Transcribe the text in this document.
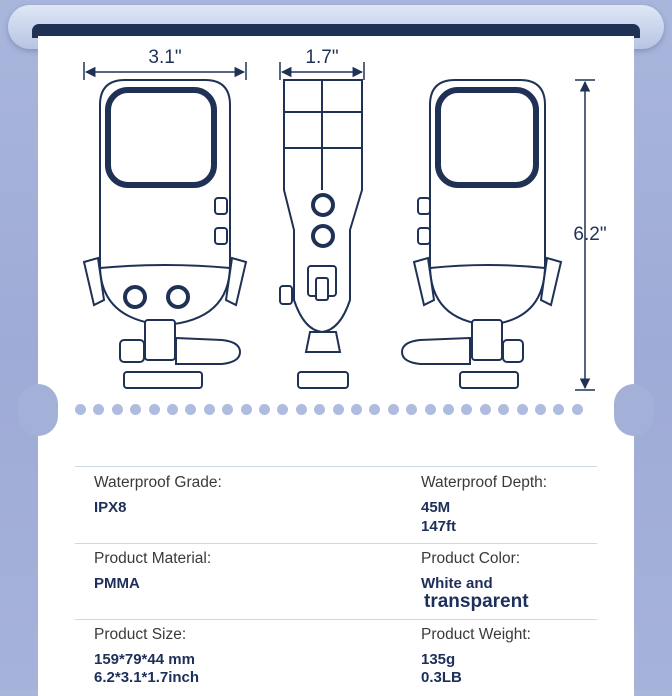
3.1"	1.7"
6.2"
Waterproof Grade:
IPX8
Waterproof Depth:
45M
147ft
Product Material:
PMMA
Product Color:
White and
transparent
Product Size:
159*79*44 mm
6.2*3.1*1.7inch
Product Weight:
135g
0.3LB
